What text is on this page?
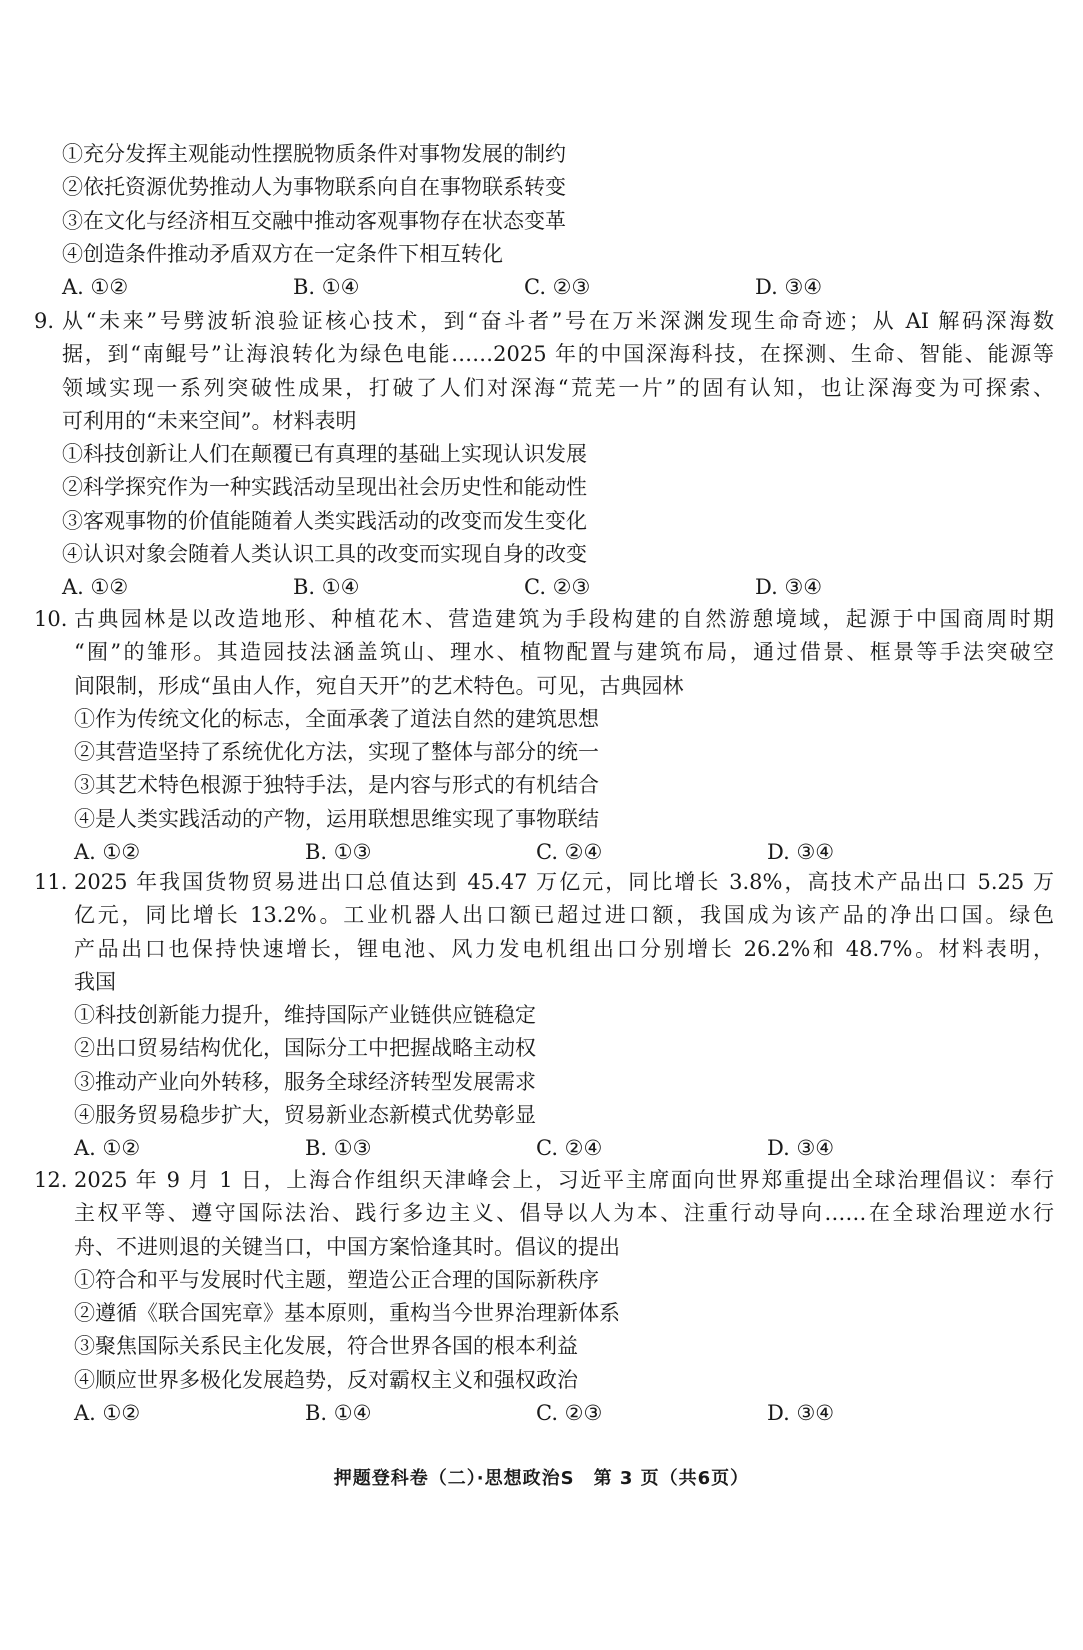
①充分发挥主观能动性摆脱物质条件对事物发展的制约
②依托资源优势推动人为事物联系向自在事物联系转变
③在文化与经济相互交融中推动客观事物存在状态变革
④创造条件推动矛盾双方在一定条件下相互转化
A. ①②	B. ①④	C. ②③	D. ③④
9. 从“未来”号劈波斩浪验证核心技术，到“奋斗者”号在万米深渊发现生命奇迹；从 AI 解码深海数
据，到“南鲲号”让海浪转化为绿色电能……2025 年的中国深海科技，在探测、生命、智能、能源等
领域实现一系列突破性成果，打破了人们对深海“荒芜一片”的固有认知，也让深海变为可探索、
可利用的“未来空间”。材料表明
①科技创新让人们在颠覆已有真理的基础上实现认识发展
②科学探究作为一种实践活动呈现出社会历史性和能动性
③客观事物的价值能随着人类实践活动的改变而发生变化
④认识对象会随着人类认识工具的改变而实现自身的改变
A. ①②	B. ①④	C. ②③	D. ③④
10. 古典园林是以改造地形、种植花木、营造建筑为手段构建的自然游憩境域，起源于中国商周时期
“囿”的雏形。其造园技法涵盖筑山、理水、植物配置与建筑布局，通过借景、框景等手法突破空
间限制，形成“虽由人作，宛自天开”的艺术特色。可见，古典园林
①作为传统文化的标志，全面承袭了道法自然的建筑思想
②其营造坚持了系统优化方法，实现了整体与部分的统一
③其艺术特色根源于独特手法，是内容与形式的有机结合
④是人类实践活动的产物，运用联想思维实现了事物联结
A. ①②	B. ①③	C. ②④	D. ③④
11. 2025 年我国货物贸易进出口总值达到 45.47 万亿元，同比增长 3.8%，高技术产品出口 5.25 万
亿元，同比增长 13.2%。工业机器人出口额已超过进口额，我国成为该产品的净出口国。绿色
产品出口也保持快速增长，锂电池、风力发电机组出口分别增长 26.2%和 48.7%。材料表明，
我国
①科技创新能力提升，维持国际产业链供应链稳定
②出口贸易结构优化，国际分工中把握战略主动权
③推动产业向外转移，服务全球经济转型发展需求
④服务贸易稳步扩大，贸易新业态新模式优势彰显
A. ①②	B. ①③	C. ②④	D. ③④
12. 2025 年 9 月 1 日，上海合作组织天津峰会上，习近平主席面向世界郑重提出全球治理倡议：奉行
主权平等、遵守国际法治、践行多边主义、倡导以人为本、注重行动导向……在全球治理逆水行
舟、不进则退的关键当口，中国方案恰逢其时。倡议的提出
①符合和平与发展时代主题，塑造公正合理的国际新秩序
②遵循《联合国宪章》基本原则，重构当今世界治理新体系
③聚焦国际关系民主化发展，符合世界各国的根本利益
④顺应世界多极化发展趋势，反对霸权主义和强权政治
A. ①②	B. ①④	C. ②③	D. ③④
押题登科卷（二）·思想政治S　第 3 页（共6页）
